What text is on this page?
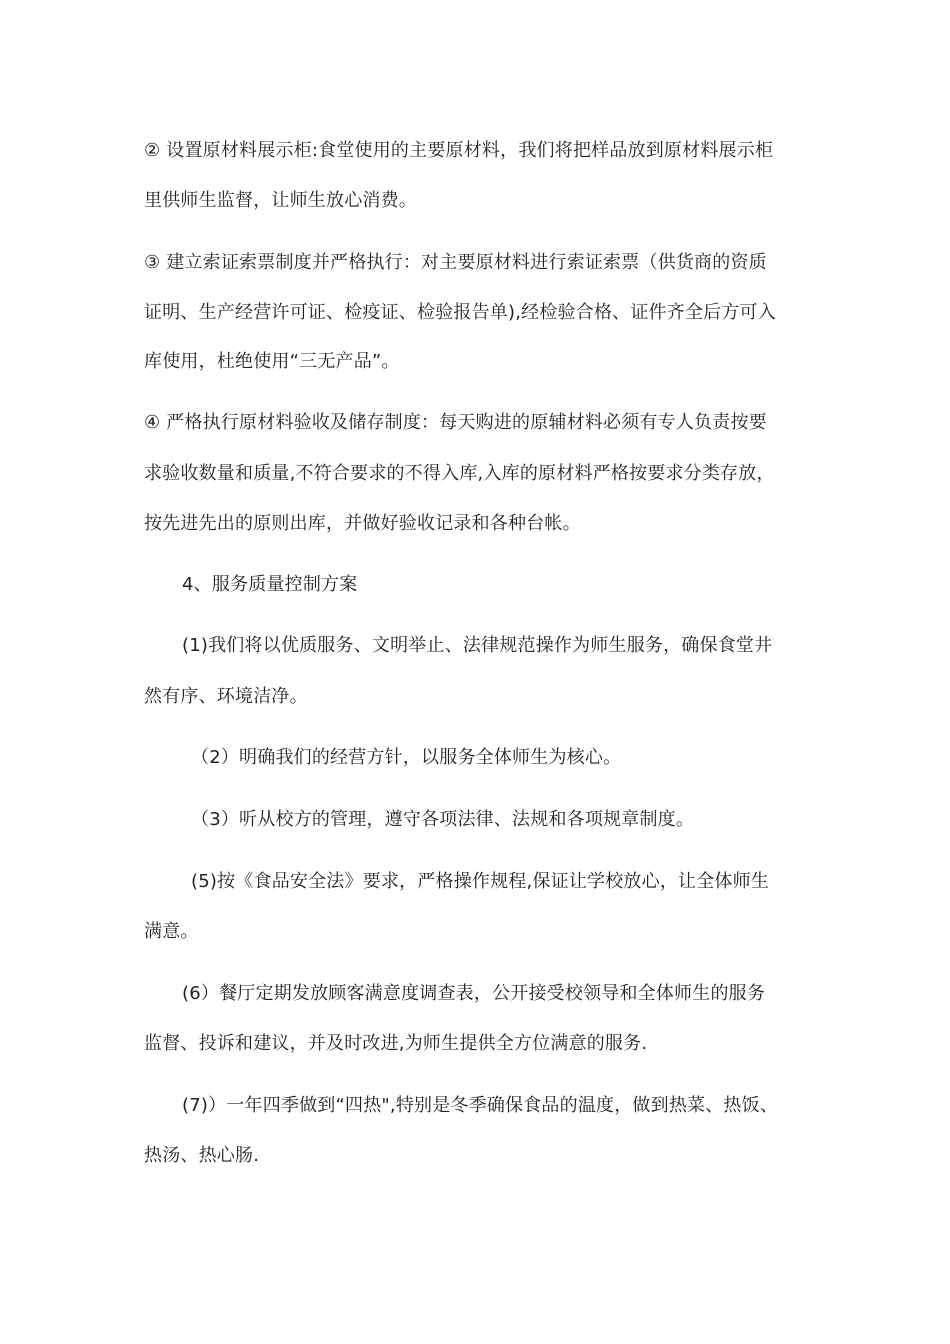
② 设置原材料展示柜:食堂使用的主要原材料，我们将把样品放到原材料展示柜
里供师生监督，让师生放心消费。
③ 建立索证索票制度并严格执行：对主要原材料进行索证索票（供货商的资质
证明、生产经营许可证、检疫证、检验报告单),经检验合格、证件齐全后方可入
库使用，杜绝使用“三无产品”。
④ 严格执行原材料验收及储存制度：每天购进的原辅材料必须有专人负责按要
求验收数量和质量,不符合要求的不得入库,入库的原材料严格按要求分类存放，
按先进先出的原则出库，并做好验收记录和各种台帐。
4、服务质量控制方案
(1)我们将以优质服务、文明举止、法律规范操作为师生服务，确保食堂井
然有序、环境洁净。
（2）明确我们的经营方针，以服务全体师生为核心。
（3）听从校方的管理，遵守各项法律、法规和各项规章制度。
(5)按《食品安全法》要求，严格操作规程,保证让学校放心，让全体师生
满意。
(6）餐厅定期发放顾客满意度调查表，公开接受校领导和全体师生的服务
监督、投诉和建议，并及时改进,为师生提供全方位满意的服务.
(7)）一年四季做到“四热",特别是冬季确保食品的温度，做到热菜、热饭、
热汤、热心肠.
